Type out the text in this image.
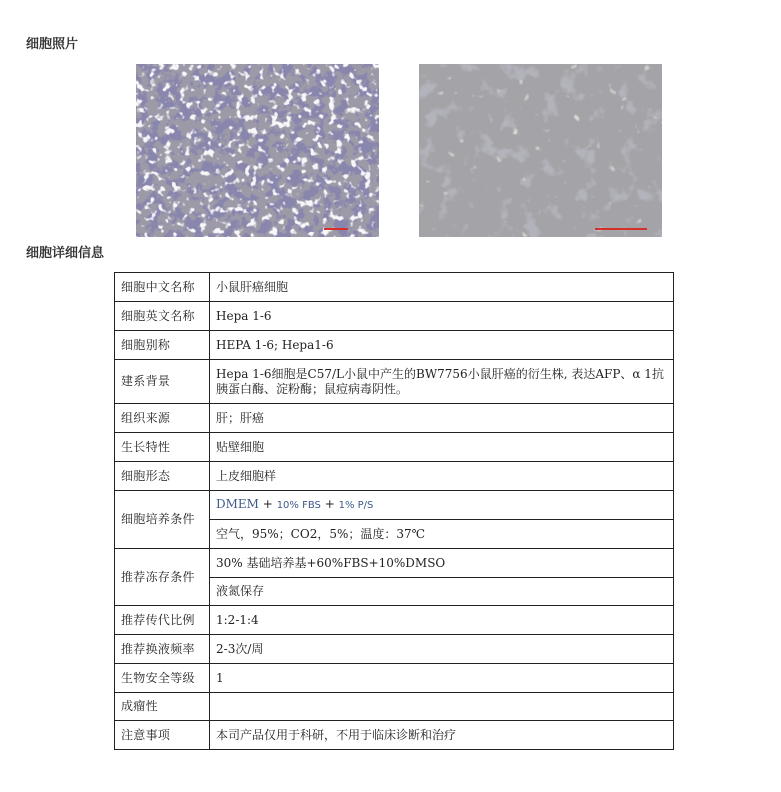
细胞照片
细胞详细信息
细胞中文名称	小鼠肝癌细胞
细胞英文名称	Hepa 1-6
细胞别称	HEPA 1-6; Hepa1-6
建系背景	Hepa 1-6细胞是C57/L小鼠中产生的BW7756小鼠肝癌的衍生株, 表达AFP、α 1抗胰蛋白酶、淀粉酶；鼠痘病毒阴性。
组织来源	肝；肝癌
生长特性	贴壁细胞
细胞形态	上皮细胞样
细胞培养条件	DMEM + 10% FBS + 1% P/S
	空气，95%；CO2，5%；温度：37℃
推荐冻存条件	30% 基础培养基+60%FBS+10%DMSO
	液氮保存
推荐传代比例	1:2-1:4
推荐换液频率	2-3次/周
生物安全等级	1
成瘤性	
注意事项	本司产品仅用于科研，不用于临床诊断和治疗
